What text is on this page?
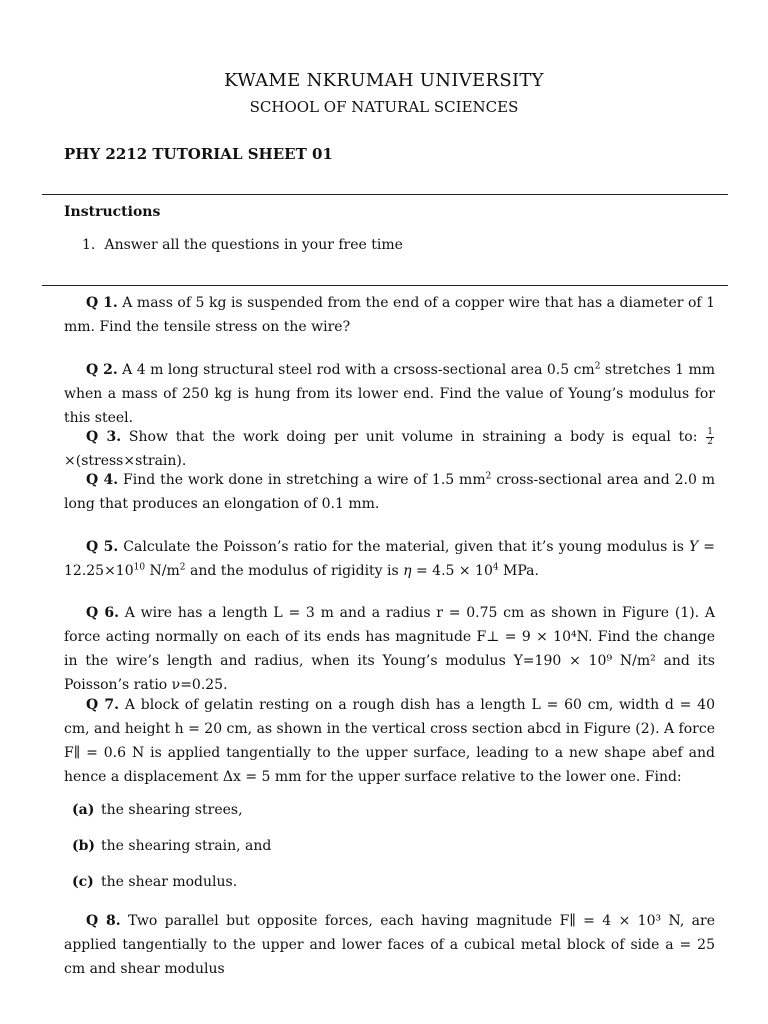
KWAME NKRUMAH UNIVERSITY
SCHOOL OF NATURAL SCIENCES
PHY 2212 TUTORIAL SHEET 01
Instructions
1. Answer all the questions in your free time
Q 1. A mass of 5 kg is suspended from the end of a copper wire that has a diameter of 1 mm. Find the tensile stress on the wire?
Q 2. A 4 m long structural steel rod with a crsoss-sectional area 0.5 $cm^2$ stretches 1 mm when a mass of 250 kg is hung from its lower end. Find the value of Young’s modulus for this steel.
Q 3. Show that the work doing per unit volume in straining a body is equal to: $\frac{1}{2}$
×(stress×strain).
Q 4. Find the work done in stretching a wire of 1.5 $mm^2$ cross-sectional area and 2.0 m long that produces an elongation of 0.1 mm.
Q 5. Calculate the Poisson’s ratio for the material, given that it’s young modulus is $Y = 12.25\times 10^{10}$ $N/m^2$ and the modulus of rigidity is $\eta = 4.5 \times 10^4$ MPa.
Q 6. A wire has a length L = 3 m and a radius r = 0.75 cm as shown in Figure (1). A force acting normally on each of its ends has magnitude F⊥ = 9 × 10⁴N. Find the change in the wire’s length and radius, when its Young’s modulus Y=190 × 10⁹ N/m² and its Poisson’s ratio ν=0.25.
Q 7. A block of gelatin resting on a rough dish has a length L = 60 cm, width d = 40 cm, and height h = 20 cm, as shown in the vertical cross section abcd in Figure (2). A force F∥ = 0.6 N is applied tangentially to the upper surface, leading to a new shape abef and hence a displacement Δx = 5 mm for the upper surface relative to the lower one. Find:
(a) the shearing strees,
(b) the shearing strain, and
(c) the shear modulus.
Q 8. Two parallel but opposite forces, each having magnitude F∥ = 4 × 10³ N, are applied tangentially to the upper and lower faces of a cubical metal block of side a = 25 cm and shear modulus
